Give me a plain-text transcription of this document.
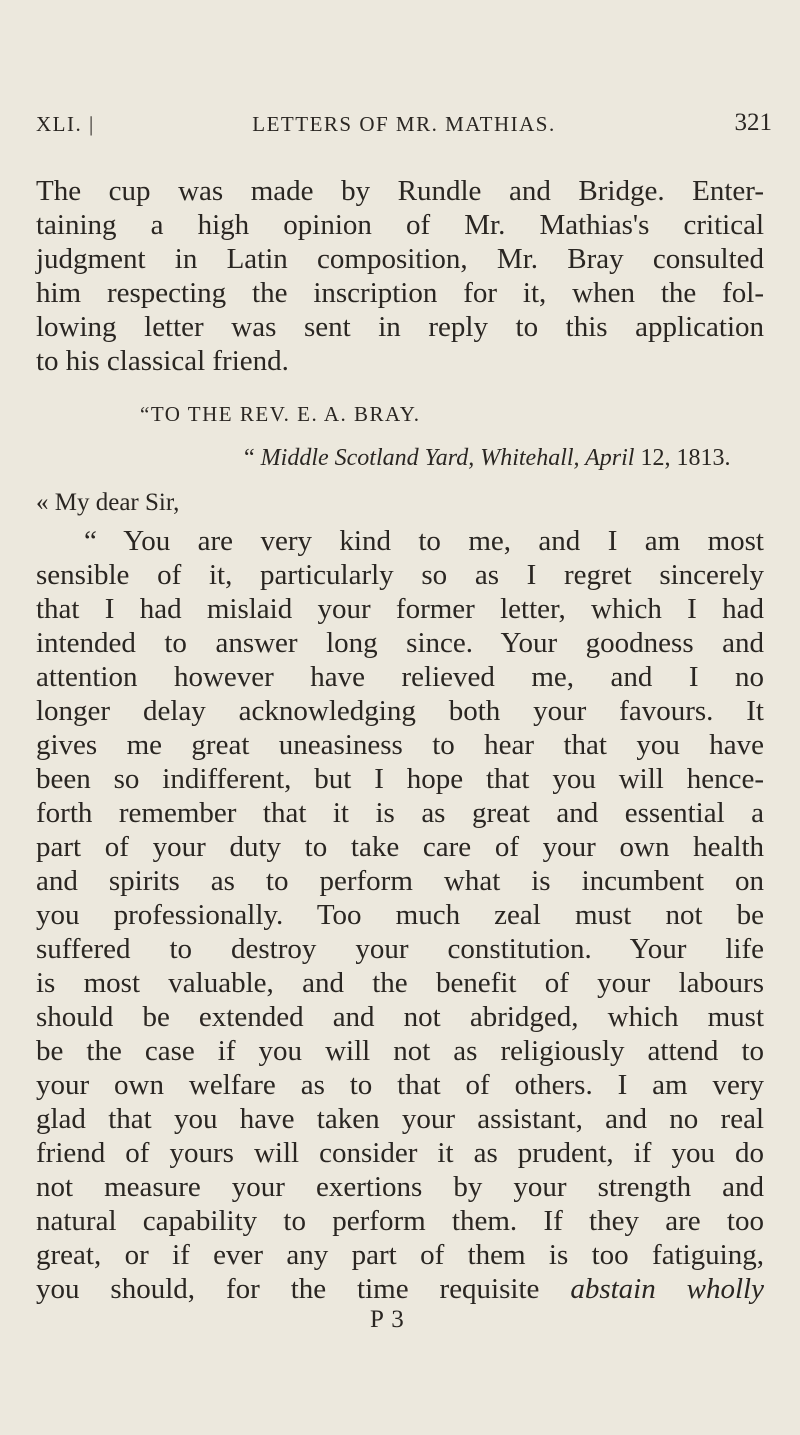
XLI. |	LETTERS OF MR. MATHIAS.	321
The cup was made by Rundle and Bridge. Enter-
taining a high opinion of Mr. Mathias's critical
judgment in Latin composition, Mr. Bray consulted
him respecting the inscription for it, when the fol-
lowing letter was sent in reply to this application
to his classical friend.
“TO THE REV. E. A. BRAY.
“ Middle Scotland Yard, Whitehall, April 12, 1813.
« My dear Sir,
“ You are very kind to me, and I am most
sensible of it, particularly so as I regret sincerely
that I had mislaid your former letter, which I had
intended to answer long since. Your goodness and
attention however have relieved me, and I no
longer delay acknowledging both your favours. It
gives me great uneasiness to hear that you have
been so indifferent, but I hope that you will hence-
forth remember that it is as great and essential a
part of your duty to take care of your own health
and spirits as to perform what is incumbent on
you professionally. Too much zeal must not be
suffered to destroy your constitution. Your life
is most valuable, and the benefit of your labours
should be extended and not abridged, which must
be the case if you will not as religiously attend to
your own welfare as to that of others. I am very
glad that you have taken your assistant, and no real
friend of yours will consider it as prudent, if you do
not measure your exertions by your strength and
natural capability to perform them. If they are too
great, or if ever any part of them is too fatiguing,
you should, for the time requisite abstain wholly
P 3
